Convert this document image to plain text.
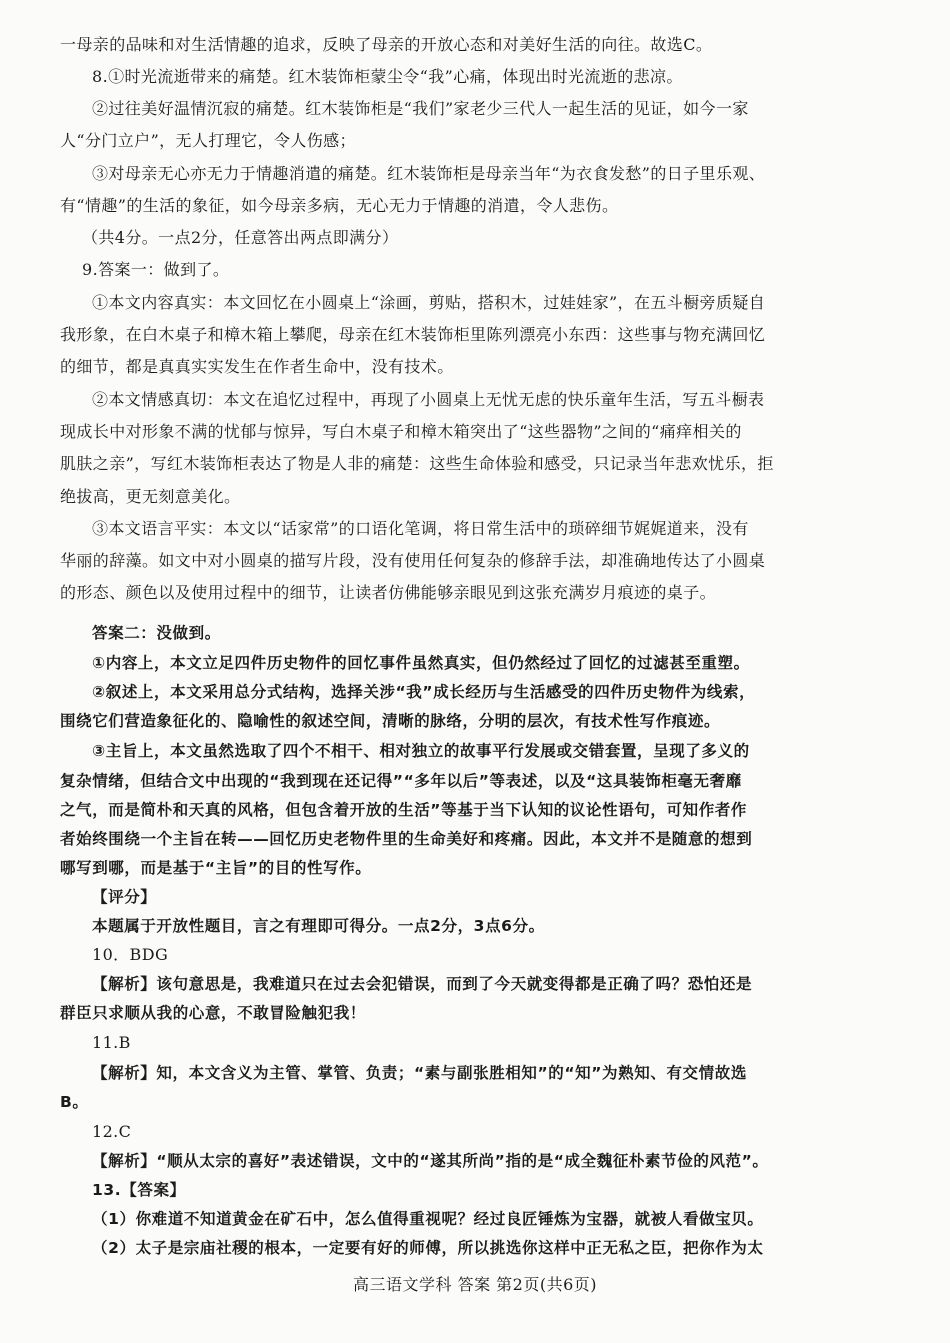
一母亲的品味和对生活情趣的追求，反映了母亲的开放心态和对美好生活的向往。故选C。
8.①时光流逝带来的痛楚。红木装饰柜蒙尘令“我”心痛，体现出时光流逝的悲凉。
②过往美好温情沉寂的痛楚。红木装饰柜是“我们”家老少三代人一起生活的见证，如今一家
人“分门立户”，无人打理它，令人伤感；
③对母亲无心亦无力于情趣消遣的痛楚。红木装饰柜是母亲当年“为衣食发愁”的日子里乐观、
有“情趣”的生活的象征，如今母亲多病，无心无力于情趣的消遣，令人悲伤。
（共4分。一点2分，任意答出两点即满分）
9.答案一：做到了。
①本文内容真实：本文回忆在小圆桌上“涂画，剪贴，搭积木，过娃娃家”，在五斗橱旁质疑自
我形象，在白木桌子和樟木箱上攀爬，母亲在红木装饰柜里陈列漂亮小东西：这些事与物充满回忆
的细节，都是真真实实发生在作者生命中，没有技术。
②本文情感真切：本文在追忆过程中，再现了小圆桌上无忧无虑的快乐童年生活，写五斗橱表
现成长中对形象不满的忧郁与惊异，写白木桌子和樟木箱突出了“这些器物”之间的“痛痒相关的
肌肤之亲”，写红木装饰柜表达了物是人非的痛楚：这些生命体验和感受，只记录当年悲欢忧乐，拒
绝拔高，更无刻意美化。
③本文语言平实：本文以“话家常”的口语化笔调，将日常生活中的琐碎细节娓娓道来，没有
华丽的辞藻。如文中对小圆桌的描写片段，没有使用任何复杂的修辞手法，却准确地传达了小圆桌
的形态、颜色以及使用过程中的细节，让读者仿佛能够亲眼见到这张充满岁月痕迹的桌子。
答案二：没做到。
①内容上，本文立足四件历史物件的回忆事件虽然真实，但仍然经过了回忆的过滤甚至重塑。
②叙述上，本文采用总分式结构，选择关涉“我”成长经历与生活感受的四件历史物件为线索，
围绕它们营造象征化的、隐喻性的叙述空间，清晰的脉络，分明的层次，有技术性写作痕迹。
③主旨上，本文虽然选取了四个不相干、相对独立的故事平行发展或交错套置，呈现了多义的
复杂情绪，但结合文中出现的“我到现在还记得”“多年以后”等表述，以及“这具装饰柜毫无奢靡
之气，而是简朴和天真的风格，但包含着开放的生活”等基于当下认知的议论性语句，可知作者作
者始终围绕一个主旨在转——回忆历史老物件里的生命美好和疼痛。因此，本文并不是随意的想到
哪写到哪，而是基于“主旨”的目的性写作。
【评分】
本题属于开放性题目，言之有理即可得分。一点2分，3点6分。
10．BDG
【解析】该句意思是，我难道只在过去会犯错误，而到了今天就变得都是正确了吗？恐怕还是
群臣只求顺从我的心意，不敢冒险触犯我！
11.B
【解析】知，本文含义为主管、掌管、负责；“素与副张胜相知”的“知”为熟知、有交情故选
B。
12.C
【解析】“顺从太宗的喜好”表述错误，文中的“遂其所尚”指的是“成全魏征朴素节俭的风范”。
13.【答案】
（1）你难道不知道黄金在矿石中，怎么值得重视呢？经过良匠锤炼为宝器，就被人看做宝贝。
（2）太子是宗庙社稷的根本，一定要有好的师傅，所以挑选你这样中正无私之臣，把你作为太
高三语文学科 答案 第2页(共6页)
